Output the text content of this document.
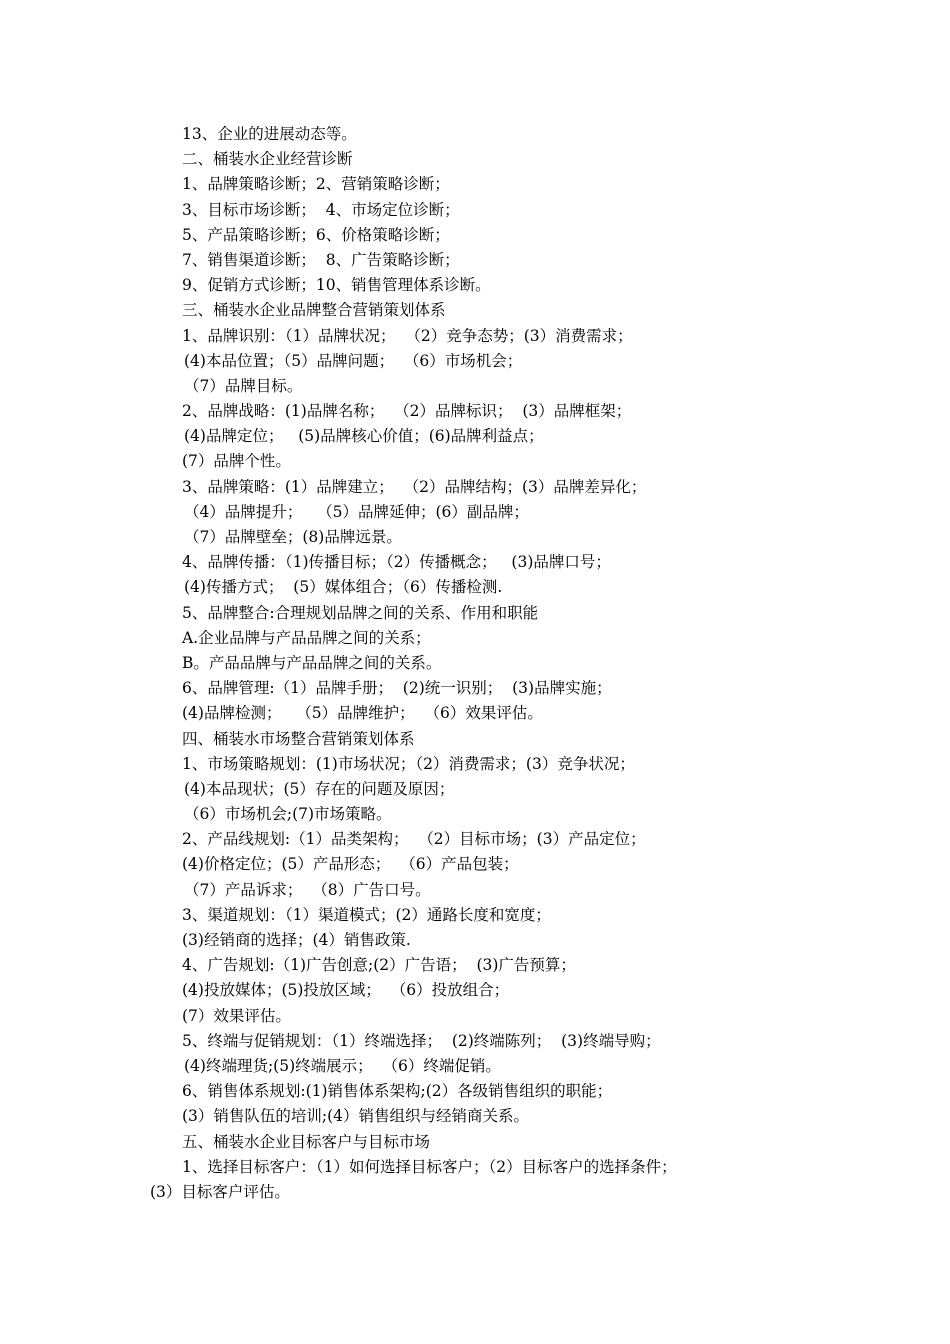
13、企业的进展动态等。
二、桶装水企业经营诊断
1、品牌策略诊断；2、营销策略诊断；
3、目标市场诊断；  4、市场定位诊断；
5、产品策略诊断；6、价格策略诊断；
7、销售渠道诊断；  8、广告策略诊断；
9、促销方式诊断；10、销售管理体系诊断。
三、桶装水企业品牌整合营销策划体系
1、品牌识别：（1）品牌状况；  （2）竞争态势；(3）消费需求；
(4)本品位置；（5）品牌问题；  （6）市场机会；
（7）品牌目标。
2、品牌战略：(1)品牌名称；  （2）品牌标识；  (3）品牌框架；
(4)品牌定位；   (5)品牌核心价值；(6)品牌利益点；
(7）品牌个性。
3、品牌策略：(1）品牌建立；  （2）品牌结构；(3）品牌差异化；
（4）品牌提升；   （5）品牌延伸；(6）副品牌；
（7）品牌壁垒；(8)品牌远景。
4、品牌传播：（1)传播目标；（2）传播概念；   (3)品牌口号；
(4)传播方式；  (5）媒体组合；（6）传播检测.
5、品牌整合:合理规划品牌之间的关系、作用和职能
A.企业品牌与产品品牌之间的关系；
B。产品品牌与产品品牌之间的关系。
6、品牌管理:（1）品牌手册；  (2)统一识别；  (3)品牌实施；
(4)品牌检测；   （5）品牌维护；  （6）效果评估。
四、桶装水市场整合营销策划体系
1、市场策略规划：(1)市场状况；（2）消费需求；(3）竞争状况；
(4)本品现状；(5）存在的问题及原因；
（6）市场机会;(7)市场策略。
2、产品线规划:（1）品类架构；  （2）目标市场；(3）产品定位；
(4)价格定位；(5）产品形态；  （6）产品包装；
（7）产品诉求；  （8）广告口号。
3、渠道规划：（1）渠道模式；(2）通路长度和宽度；
(3)经销商的选择；(4）销售政策.
4、广告规划:（1)广告创意;(2）广告语；  (3)广告预算；
(4)投放媒体；(5)投放区域；  （6）投放组合；
(7）效果评估。
5、终端与促销规划：（1）终端选择；  (2)终端陈列；  (3)终端导购；
(4)终端理货;(5)终端展示；  （6）终端促销。
6、销售体系规划:(1)销售体系架构;(2）各级销售组织的职能；
(3）销售队伍的培训;(4）销售组织与经销商关系。
五、桶装水企业目标客户与目标市场
1、选择目标客户：（1）如何选择目标客户；（2）目标客户的选择条件；
(3）目标客户评估。
